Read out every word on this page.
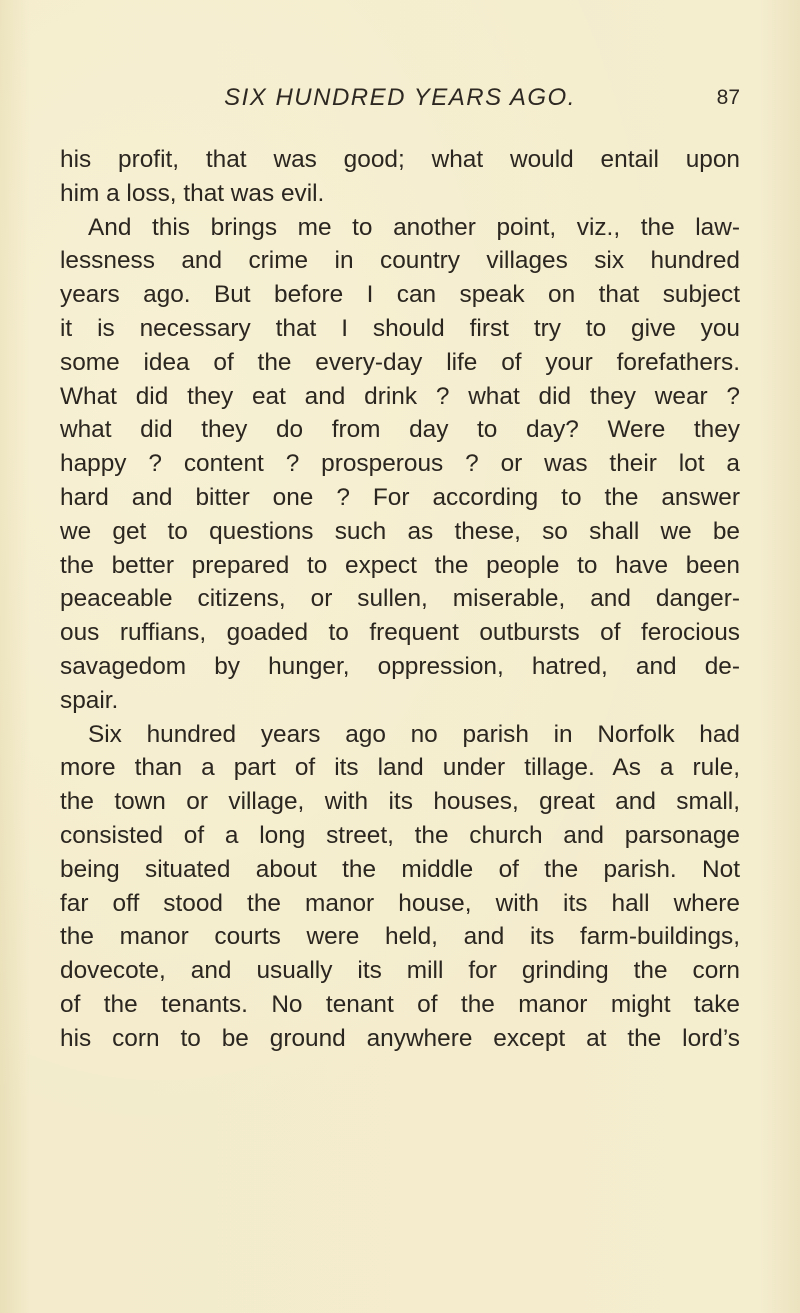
SIX HUNDRED YEARS AGO.	87
his profit, that was good; what would entail upon
him a loss, that was evil.
And this brings me to another point, viz., the law-
lessness and crime in country villages six hundred
years ago. But before I can speak on that subject
it is necessary that I should first try to give you
some idea of the every-day life of your forefathers.
What did they eat and drink ? what did they wear ?
what did they do from day to day? Were they
happy ? content ? prosperous ? or was their lot a
hard and bitter one ? For according to the answer
we get to questions such as these, so shall we be
the better prepared to expect the people to have been
peaceable citizens, or sullen, miserable, and danger-
ous ruffians, goaded to frequent outbursts of ferocious
savagedom by hunger, oppression, hatred, and de-
spair.
Six hundred years ago no parish in Norfolk had
more than a part of its land under tillage. As a rule,
the town or village, with its houses, great and small,
consisted of a long street, the church and parsonage
being situated about the middle of the parish. Not
far off stood the manor house, with its hall where
the manor courts were held, and its farm-buildings,
dovecote, and usually its mill for grinding the corn
of the tenants. No tenant of the manor might take
his corn to be ground anywhere except at the lord’s
